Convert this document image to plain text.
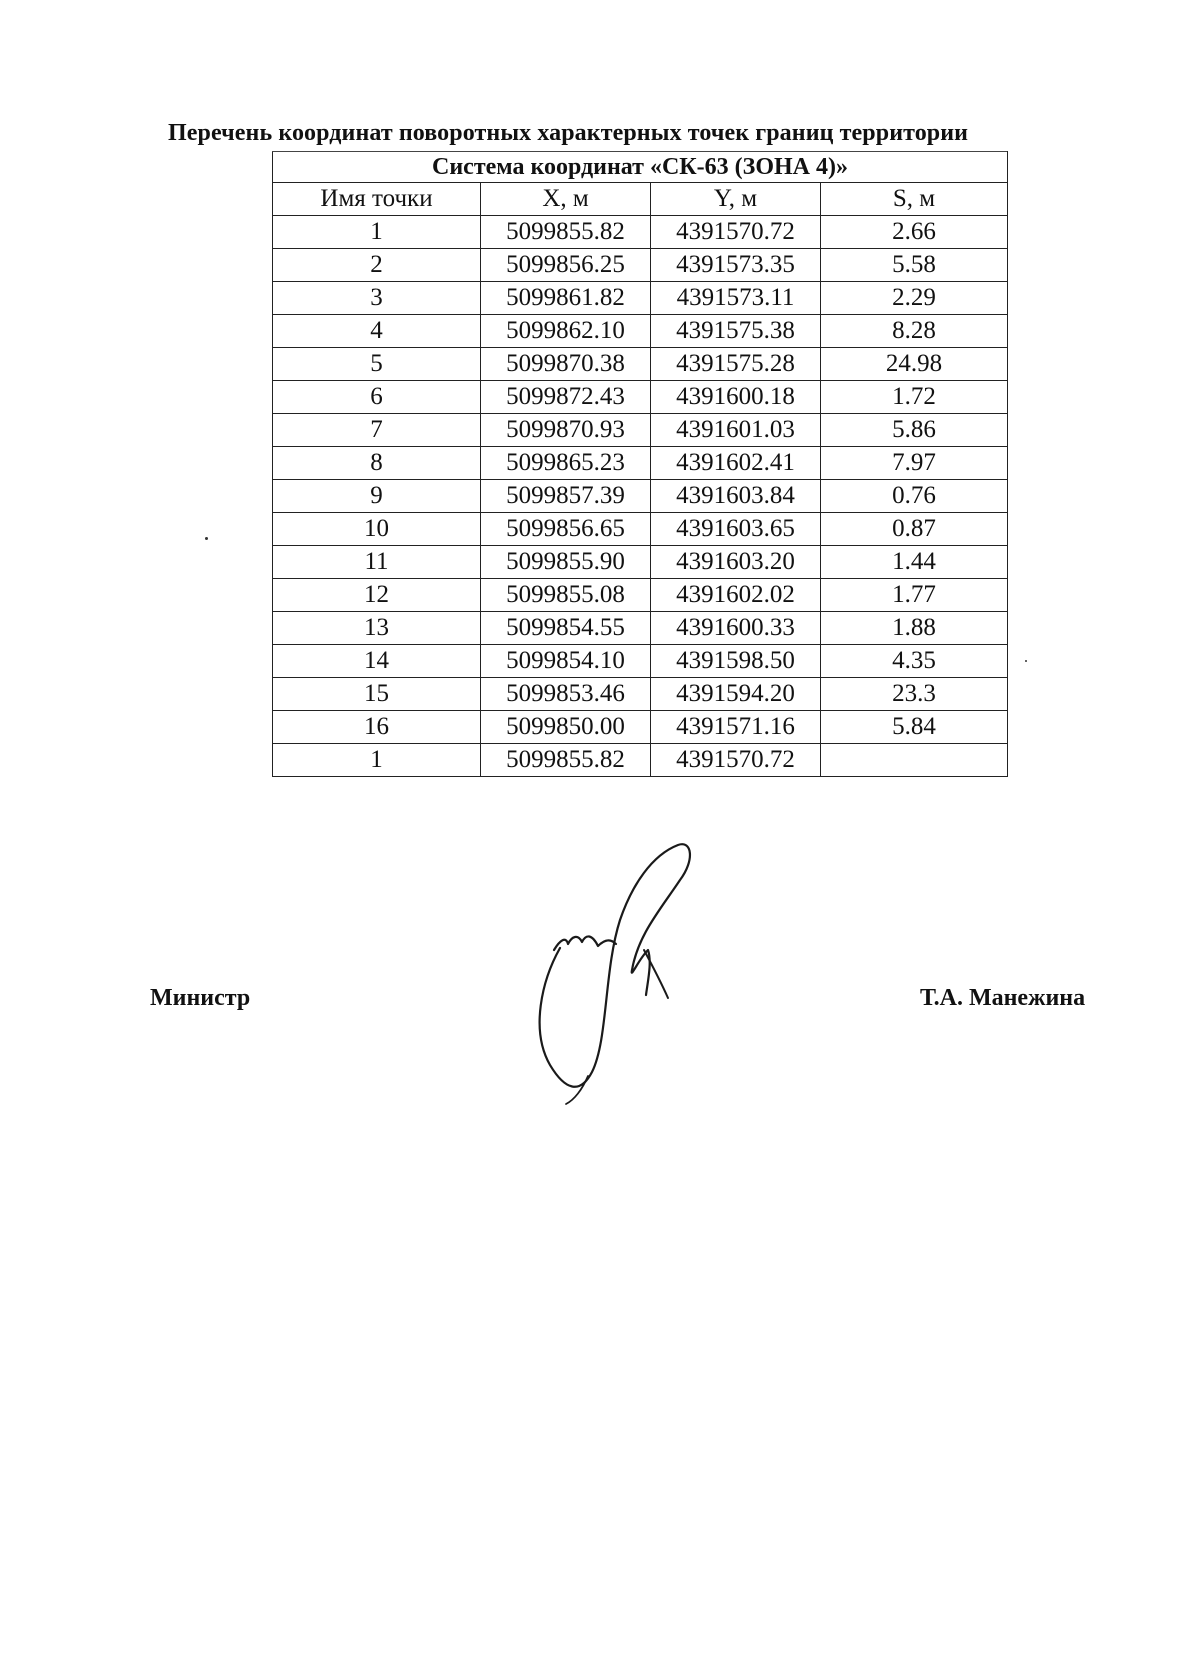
Перечень координат поворотных характерных точек границ территории
Система координат «СК-63 (ЗОНА 4)»			
Имя точки	X, м	Y, м	S, м
1	5099855.82	4391570.72	2.66
2	5099856.25	4391573.35	5.58
3	5099861.82	4391573.11	2.29
4	5099862.10	4391575.38	8.28
5	5099870.38	4391575.28	24.98
6	5099872.43	4391600.18	1.72
7	5099870.93	4391601.03	5.86
8	5099865.23	4391602.41	7.97
9	5099857.39	4391603.84	0.76
10	5099856.65	4391603.65	0.87
11	5099855.90	4391603.20	1.44
12	5099855.08	4391602.02	1.77
13	5099854.55	4391600.33	1.88
14	5099854.10	4391598.50	4.35
15	5099853.46	4391594.20	23.3
16	5099850.00	4391571.16	5.84
1	5099855.82	4391570.72	
Министр	Т.А. Манежина
